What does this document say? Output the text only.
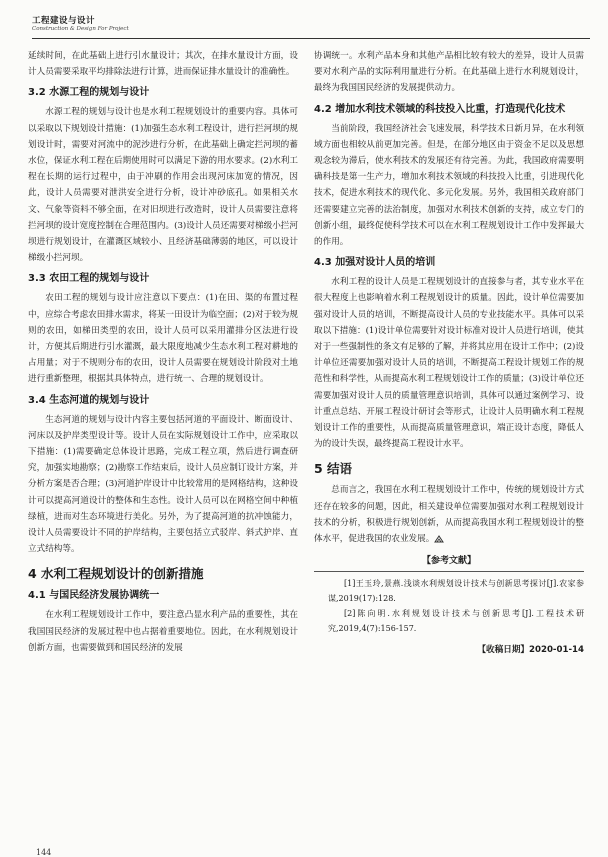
工程建设与设计
Construction & Design For Project

延续时间，在此基础上进行引水量设计；其次，在排水量设计方面，设计人员需要采取平均排除法进行计算，进而保证排水量设计的准确性。

3.2 水源工程的规划与设计

水源工程的规划与设计也是水利工程规划设计的重要内容。具体可以采取以下规划设计措施：(1)加强生态水利工程设计，进行拦河坝的规划设计时，需要对河流中的泥沙进行分析，在此基础上确定拦河坝的蓄水位，保证水利工程在后期使用时可以满足下游的用水要求。(2)水利工程在长期的运行过程中，由于冲刷的作用会出现河床加宽的情况，因此，设计人员需要对泄洪安全进行分析，设计冲砂底孔。如果相关水文、气象等资料不够全面，在对旧坝进行改造时，设计人员需要注意将拦河坝的设计宽度控制在合理范围内。(3)设计人员还需要对梯级小拦河坝进行规划设计，在灌溉区域较小、且经济基础薄弱的地区，可以设计梯级小拦河坝。

3.3 农田工程的规划与设计

农田工程的规划与设计应注意以下要点：(1)在田、渠的布置过程中，应综合考虑农田排水需求，将某一田设计为临空面；(2)对于较为规则的农田，如梯田类型的农田，设计人员可以采用灌排分区法进行设计，方便其后期进行引水灌溉，最大限度地减少生态水利工程对耕地的占用量；对于不规则分布的农田，设计人员需要在规划设计阶段对土地进行重新整理，根据其具体特点，进行统一、合理的规划设计。

3.4 生态河道的规划与设计

生态河道的规划与设计内容主要包括河道的平面设计、断面设计、河床以及护岸类型设计等。设计人员在实际规划设计工作中，应采取以下措施：(1)需要确定总体设计思路，完成工程立项，然后进行调查研究，加强实地勘察；(2)勘察工作结束后，设计人员应制订设计方案，并分析方案是否合理；(3)河道护岸设计中比较常用的是网格结构，这种设计可以提高河道设计的整体和生态性。设计人员可以在网格空间中种植绿植，进而对生态环境进行美化。另外，为了提高河道的抗冲蚀能力，设计人员需要设计不同的护岸结构，主要包括立式驳岸、斜式护岸、直立式结构等。

4 水利工程规划设计的创新措施
4.1 与国民经济发展协调统一

在水利工程规划设计工作中，要注意凸显水利产品的重要性，其在我国国民经济的发展过程中也占据着重要地位。因此，在水利规划设计创新方面，也需要做到和国民经济的发展

协调统一。水利产品本身和其他产品相比较有较大的差异，设计人员需要对水利产品的实际利用量进行分析。在此基础上进行水利规划设计，最终为我国国民经济的发展提供动力。

4.2 增加水利技术领域的科技投入比重，打造现代化技术

当前阶段，我国经济社会飞速发展，科学技术日新月异，在水利领域方面也相较从前更加完善。但是，在部分地区由于资金不足以及思想观念较为滞后，使水利技术的发展还有待完善。为此，我国政府需要明确科技是第一生产力，增加水利技术领域的科技投入比重，引进现代化技术，促进水利技术的现代化、多元化发展。另外，我国相关政府部门还需要建立完善的法治制度，加强对水利技术创新的支持，成立专门的创新小组，最终促使科学技术可以在水利工程规划设计工作中发挥最大的作用。

4.3 加强对设计人员的培训

水利工程的设计人员是工程规划设计的直接参与者，其专业水平在很大程度上也影响着水利工程规划设计的质量。因此，设计单位需要加强对设计人员的培训，不断提高设计人员的专业技能水平。具体可以采取以下措施：(1)设计单位需要针对设计标准对设计人员进行培训，使其对于一些强制性的条文有足够的了解，并将其应用在设计工作中；(2)设计单位还需要加强对设计人员的培训，不断提高工程设计规划工作的规范性和科学性，从而提高水利工程规划设计工作的质量；(3)设计单位还需要加强对设计人员的质量管理意识培训，具体可以通过案例学习、设计重点总结、开展工程设计研讨会等形式，让设计人员明确水利工程规划设计工作的重要性，从而提高质量管理意识，端正设计态度，降低人为的设计失误，最终提高工程设计水平。

5 结语

总而言之，我国在水利工程规划设计工作中，传统的规划设计方式还存在较多的问题，因此，相关建设单位需要加强对水利工程规划设计技术的分析，积极进行规划创新，从而提高我国水利工程规划设计的整体水平，促进我国的农业发展。

【参考文献】

[1]王玉玲,景燕.浅谈水利规划设计技术与创新思考探讨[J].农家参谋,2019(17):128.

[2]陈向明.水利规划设计技术与创新思考[J].工程技术研究,2019,4(7):156-157.

【收稿日期】2020-01-14
144
